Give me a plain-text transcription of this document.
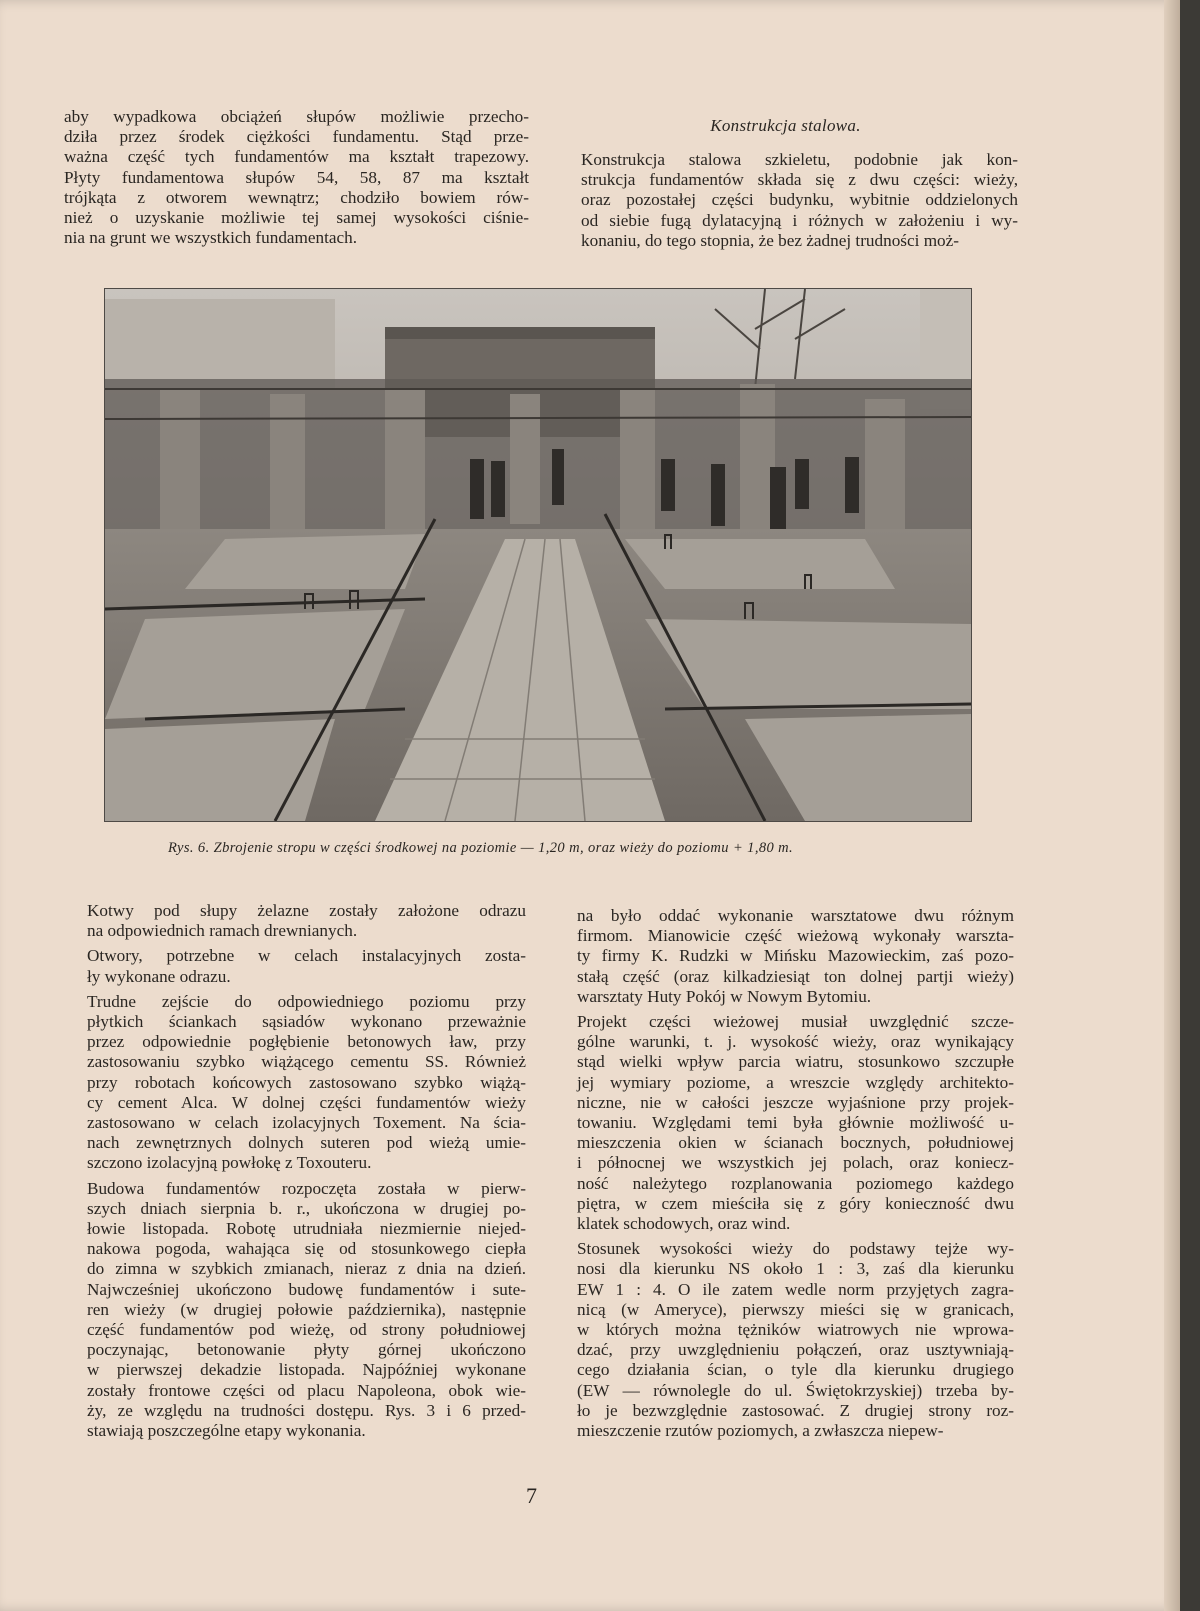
aby wypadkowa obciążeń słupów możliwie przecho-
dziła przez środek ciężkości fundamentu. Stąd prze-
ważna część tych fundamentów ma kształt trapezowy.
Płyty fundamentowa słupów 54, 58, 87 ma kształt
trójkąta z otworem wewnątrz; chodziło bowiem rów-
nież o uzyskanie możliwie tej samej wysokości ciśnie-
nia na grunt we wszystkich fundamentach.

Konstrukcja stalowa.

Konstrukcja stalowa szkieletu, podobnie jak kon-
strukcja fundamentów składa się z dwu części: wieży,
oraz pozostałej części budynku, wybitnie oddzielonych
od siebie fugą dylatacyjną i różnych w założeniu i wy-
konaniu, do tego stopnia, że bez żadnej trudności moż-

Rys. 6. Zbrojenie stropu w części środkowej na poziomie — 1,20 m, oraz wieży do poziomu + 1,80 m.

Kotwy pod słupy żelazne zostały założone odrazu
na odpowiednich ramach drewnianych.

Otwory, potrzebne w celach instalacyjnych zosta-
ły wykonane odrazu.

Trudne zejście do odpowiedniego poziomu przy
płytkich ściankach sąsiadów wykonano przeważnie
przez odpowiednie pogłębienie betonowych ław, przy
zastosowaniu szybko wiążącego cementu SS. Również
przy robotach końcowych zastosowano szybko wiążą-
cy cement Alca. W dolnej części fundamentów wieży
zastosowano w celach izolacyjnych Toxement. Na ścia-
nach zewnętrznych dolnych suteren pod wieżą umie-
szczono izolacyjną powłokę z Toxouteru.

Budowa fundamentów rozpoczęta została w pierw-
szych dniach sierpnia b. r., ukończona w drugiej po-
łowie listopada. Robotę utrudniała niezmiernie niejed-
nakowa pogoda, wahająca się od stosunkowego ciepła
do zimna w szybkich zmianach, nieraz z dnia na dzień.
Najwcześniej ukończono budowę fundamentów i sute-
ren wieży (w drugiej połowie października), następnie
część fundamentów pod wieżę, od strony południowej
poczynając, betonowanie płyty górnej ukończono
w pierwszej dekadzie listopada. Najpóźniej wykonane
zostały frontowe części od placu Napoleona, obok wie-
ży, ze względu na trudności dostępu. Rys. 3 i 6 przed-
stawiają poszczególne etapy wykonania.

na było oddać wykonanie warsztatowe dwu różnym
firmom. Mianowicie część wieżową wykonały warszta-
ty firmy K. Rudzki w Mińsku Mazowieckim, zaś pozo-
stałą część (oraz kilkadziesiąt ton dolnej partji wieży)
warsztaty Huty Pokój w Nowym Bytomiu.

Projekt części wieżowej musiał uwzględnić szcze-
gólne warunki, t. j. wysokość wieży, oraz wynikający
stąd wielki wpływ parcia wiatru, stosunkowo szczupłe
jej wymiary poziome, a wreszcie względy architekto-
niczne, nie w całości jeszcze wyjaśnione przy projek-
towaniu. Względami temi była głównie możliwość u-
mieszczenia okien w ścianach bocznych, południowej
i północnej we wszystkich jej polach, oraz koniecz-
ność należytego rozplanowania poziomego każdego
piętra, w czem mieściła się z góry konieczność dwu
klatek schodowych, oraz wind.

Stosunek wysokości wieży do podstawy tejże wy-
nosi dla kierunku NS około 1 : 3, zaś dla kierunku
EW 1 : 4. O ile zatem wedle norm przyjętych zagra-
nicą (w Ameryce), pierwszy mieści się w granicach,
w których można tężników wiatrowych nie wprowa-
dzać, przy uwzględnieniu połączeń, oraz usztywniają-
cego działania ścian, o tyle dla kierunku drugiego
(EW — równolegle do ul. Świętokrzyskiej) trzeba by-
ło je bezwzględnie zastosować. Z drugiej strony roz-
mieszczenie rzutów poziomych, a zwłaszcza niepew-

7
